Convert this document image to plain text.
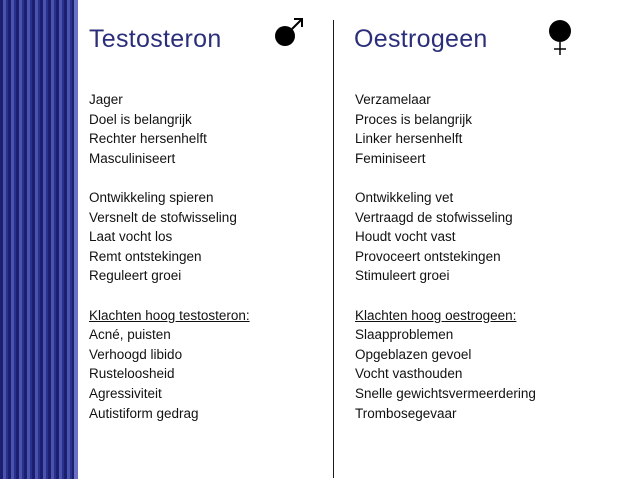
Testosteron	Oestrogeen
Jager
Doel is belangrijk
Rechter hersenhelft
Masculiniseert
Ontwikkeling spieren
Versnelt de stofwisseling
Laat vocht los
Remt ontstekingen
Reguleert groei
Klachten hoog testosteron:
Acné, puisten
Verhoogd libido
Rusteloosheid
Agressiviteit
Autistiform gedrag
Verzamelaar
Proces is belangrijk
Linker hersenhelft
Feminiseert
Ontwikkeling vet
Vertraagd de stofwisseling
Houdt vocht vast
Provoceert ontstekingen
Stimuleert groei
Klachten hoog oestrogeen:
Slaapproblemen
Opgeblazen gevoel
Vocht vasthouden
Snelle gewichtsvermeerdering
Trombosegevaar
